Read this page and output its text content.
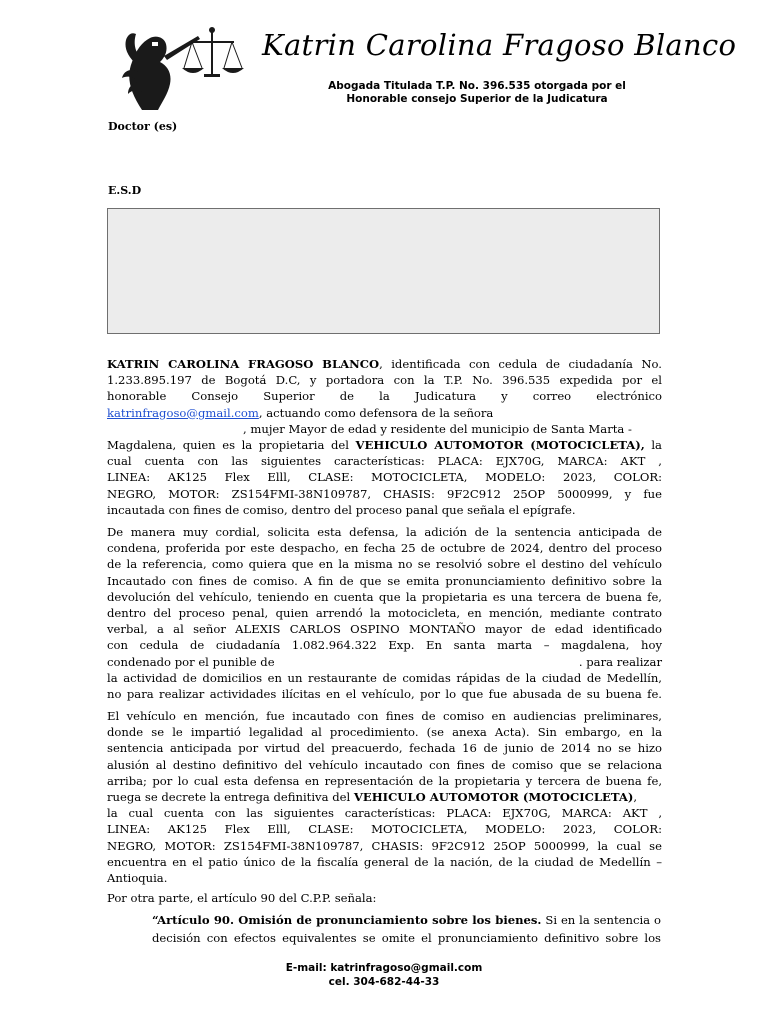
Katrin Carolina Fragoso Blanco
Abogada Titulada T.P. No. 396.535 otorgada por el
Honorable consejo Superior de la Judicatura
Doctor (es)
E.S.D

KATRIN CAROLINA FRAGOSO BLANCO, identificada con cedula de ciudadanía No.
1.233.895.197 de Bogotá D.C, y portadora con la T.P. No. 396.535 expedida por el
honorable Consejo Superior de la Judicatura y correo electrónico
katrinfragoso@gmail.com, actuando como defensora de la señora
, mujer Mayor de edad y residente del municipio de Santa Marta -
Magdalena, quien es la propietaria del VEHICULO AUTOMOTOR (MOTOCICLETA), la
cual cuenta con las siguientes características: PLACA: EJX70G, MARCA: AKT ,
LINEA: AK125 Flex Elll, CLASE: MOTOCICLETA, MODELO: 2023, COLOR:
NEGRO, MOTOR: ZS154FMI-38N109787, CHASIS: 9F2C912 25OP 5000999, y fue
incautada con fines de comiso, dentro del proceso panal que señala el epígrafe.

De manera muy cordial, solicita esta defensa, la adición de la sentencia anticipada de
condena, proferida por este despacho, en fecha 25 de octubre de 2024, dentro del proceso
de la referencia, como quiera que en la misma no se resolvió sobre el destino del vehículo
Incautado con fines de comiso. A fin de que se emita pronunciamiento definitivo sobre la
devolución del vehículo, teniendo en cuenta que la propietaria es una tercera de buena fe,
dentro del proceso penal, quien arrendó la motocicleta, en mención, mediante contrato
verbal, a al señor ALEXIS CARLOS OSPINO MONTAÑO mayor de edad identificado
con cedula de ciudadanía 1.082.964.322 Exp. En santa marta – magdalena, hoy
condenado por el punible de	. para realizar
la actividad de domicilios en un restaurante de comidas rápidas de la ciudad de Medellín,
no para realizar actividades ilícitas en el vehículo, por lo que fue abusada de su buena fe.

El vehículo en mención, fue incautado con fines de comiso en audiencias preliminares,
donde se le impartió legalidad al procedimiento. (se anexa Acta). Sin embargo, en la
sentencia anticipada por virtud del preacuerdo, fechada 16 de junio de 2014 no se hizo
alusión al destino definitivo del vehículo incautado con fines de comiso que se relaciona
arriba; por lo cual esta defensa en representación de la propietaria y tercera de buena fe,
ruega se decrete la entrega definitiva del VEHICULO AUTOMOTOR (MOTOCICLETA),
la cual cuenta con las siguientes características: PLACA: EJX70G, MARCA: AKT ,
LINEA: AK125 Flex Elll, CLASE: MOTOCICLETA, MODELO: 2023, COLOR:
NEGRO, MOTOR: ZS154FMI-38N109787, CHASIS: 9F2C912 25OP 5000999, la cual se
encuentra en el patio único de la fiscalía general de la nación, de la ciudad de Medellín –
Antioquia.

Por otra parte, el artículo 90 del C.P.P. señala:

“Artículo 90. Omisión de pronunciamiento sobre los bienes. Si en la sentencia o
decisión con efectos equivalentes se omite el pronunciamiento definitivo sobre los
E-mail: katrinfragoso@gmail.com
cel. 304-682-44-33
